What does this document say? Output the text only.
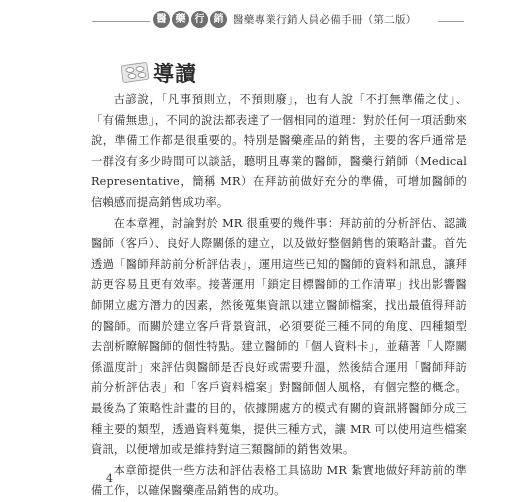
醫 藥 行 銷 醫藥專業行銷人員必備手冊（第二版）
導讀

古諺說，「凡事預則立，不預則廢」，也有人說「不打無準備之仗」、「有備無患」，不同的說法都表達了一個相同的道理：對於任何一項活動來說，準備工作都是很重要的。特別是醫藥產品的銷售，主要的客戶通常是一群沒有多少時間可以談話，聽明且專業的醫師，醫藥行銷師（Medical Representative，簡稱 MR）在拜訪前做好充分的準備，可增加醫師的信賴感而提高銷售成功率。

在本章裡，討論對於 MR 很重要的幾件事：拜訪前的分析評估、認識醫師（客戶）、良好人際關係的建立，以及做好整個銷售的策略計畫。首先透過「醫師拜訪前分析評估表」，運用這些已知的醫師的資料和訊息，讓拜訪更容易且更有效率。接著運用「鎖定目標醫師的工作清單」找出影響醫師開立處方潛力的因素，然後蒐集資訊以建立醫師檔案，找出最值得拜訪的醫師。而關於建立客戶背景資訊，必須要從三種不同的角度、四種類型去剖析瞭解醫師的個性特點。建立醫師的「個人資料卡」，並藉著「人際關係溫度計」來評估與醫師是否良好或需要升溫，然後結合運用「醫師拜訪前分析評估表」和「客戶資料檔案」對醫師個人風格，有個完整的概念。最後為了策略性計畫的目的，依據開處方的模式有關的資訊將醫師分成三種主要的類型，透過資料蒐集，提供三種方式，讓 MR 可以使用這些檔案資訊，以便增加或是維持對這三類醫師的銷售效果。

本章節提供一些方法和評估表格工具協助 MR 紮實地做好拜訪前的準備工作，以確保醫藥產品銷售的成功。

4
